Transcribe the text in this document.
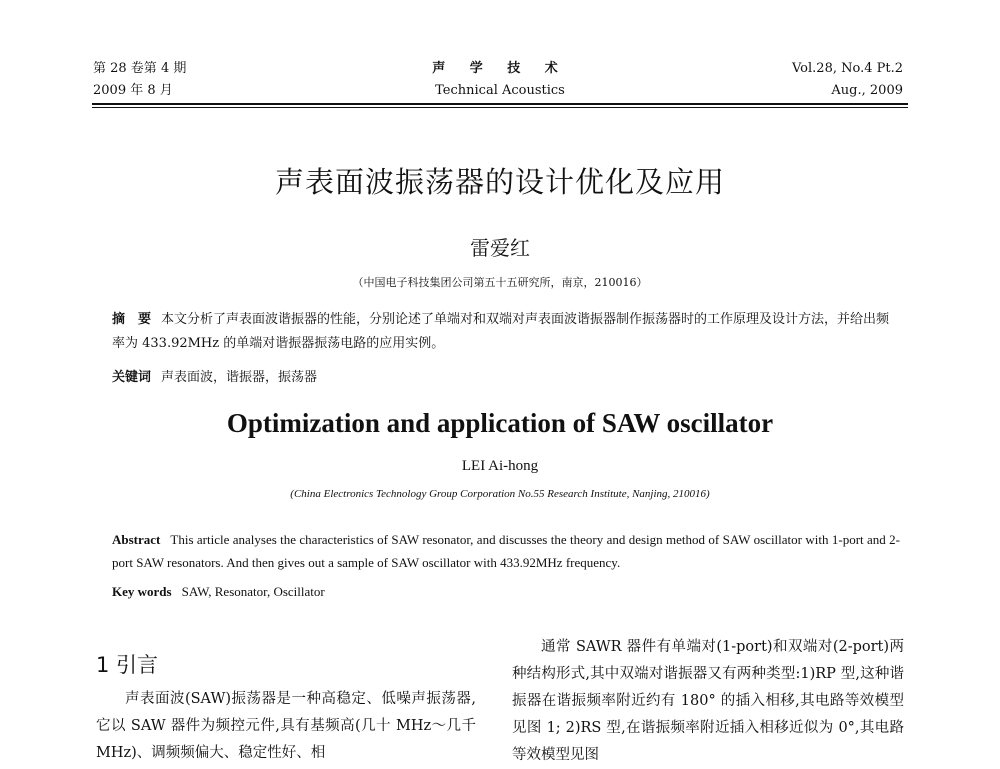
第 28 卷第 4 期
2009 年 8 月
声 学 技 术
Technical Acoustics
Vol.28, No.4 Pt.2
Aug., 2009
声表面波振荡器的设计优化及应用
雷爱红
（中国电子科技集团公司第五十五研究所，南京，210016）
摘　要 本文分析了声表面波谐振器的性能，分别论述了单端对和双端对声表面波谐振器制作振荡器时的工作原理及设计方法，并给出频率为 433.92MHz 的单端对谐振器振荡电路的应用实例。
关键词 声表面波，谐振器，振荡器
Optimization and application of SAW oscillator
LEI Ai-hong
(China Electronics Technology Group Corporation No.55 Research Institute, Nanjing, 210016)
Abstract This article analyses the characteristics of SAW resonator, and discusses the theory and design method of SAW oscillator with 1-port and 2-port SAW resonators. And then gives out a sample of SAW oscillator with 433.92MHz frequency.
Key words SAW, Resonator, Oscillator
1 引言

声表面波(SAW)振荡器是一种高稳定、低噪声振荡器,它以 SAW 器件为频控元件,具有基频高(几十 MHz～几千 MHz)、调频频偏大、稳定性好、相

通常 SAWR 器件有单端对(1-port)和双端对(2-port)两种结构形式,其中双端对谐振器又有两种类型:1)RP 型,这种谐振器在谐振频率附近约有 180° 的插入相移,其电路等效模型见图 1; 2)RS 型,在谐振频率附近插入相移近似为 0°,其电路等效模型见图
